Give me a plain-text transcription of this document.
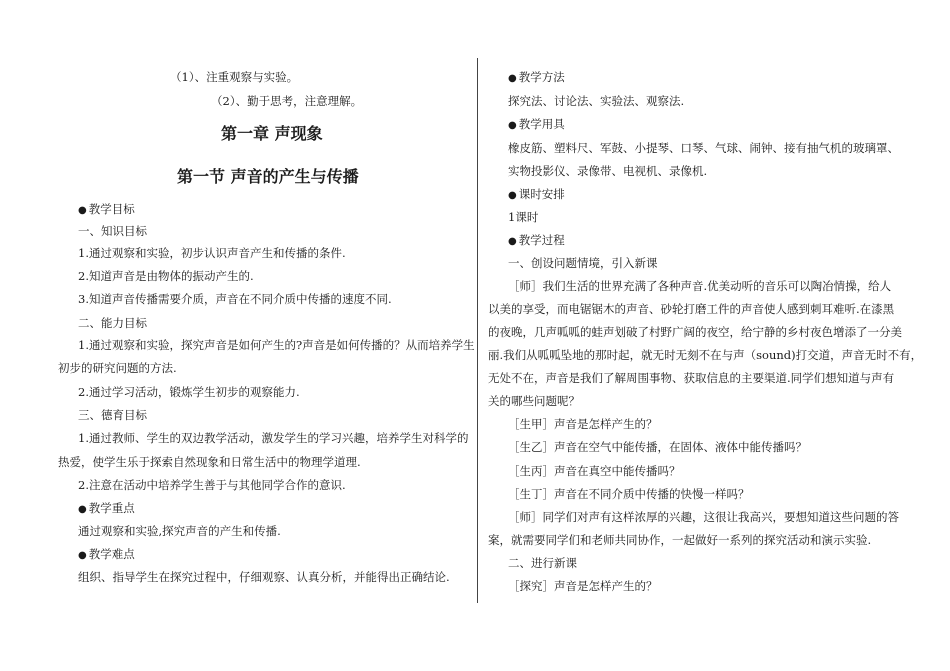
（1）、注重观察与实验。
（2）、勤于思考，注意理解。
第一章 声现象
第一节 声音的产生与传播
● 教学目标
一、知识目标
1.通过观察和实验，初步认识声音产生和传播的条件.
2.知道声音是由物体的振动产生的.
3.知道声音传播需要介质，声音在不同介质中传播的速度不同.
二、能力目标
1.通过观察和实验，探究声音是如何产生的?声音是如何传播的？从而培养学生
初步的研究问题的方法.
2.通过学习活动，锻炼学生初步的观察能力.
三、德育目标
1.通过教师、学生的双边教学活动，激发学生的学习兴趣，培养学生对科学的
热爱，使学生乐于探索自然现象和日常生活中的物理学道理.
2.注意在活动中培养学生善于与其他同学合作的意识.
● 教学重点
通过观察和实验,探究声音的产生和传播.
● 教学难点
组织、指导学生在探究过程中，仔细观察、认真分析，并能得出正确结论.
● 教学方法
探究法、讨论法、实验法、观察法.
● 教学用具
橡皮筋、塑料尺、军鼓、小提琴、口琴、气球、闹钟、接有抽气机的玻璃罩、
实物投影仪、录像带、电视机、录像机.
● 课时安排
1课时
● 教学过程
一、创设问题情境，引入新课
［师］我们生活的世界充满了各种声音.优美动听的音乐可以陶冶情操，给人
以美的享受，而电锯锯木的声音、砂轮打磨工件的声音使人感到刺耳难听.在漆黑
的夜晚，几声呱呱的蛙声划破了村野广阔的夜空，给宁静的乡村夜色增添了一分美
丽.我们从呱呱坠地的那时起，就无时无刻不在与声（sound)打交道，声音无时不有，
无处不在，声音是我们了解周围事物、获取信息的主要渠道.同学们想知道与声有
关的哪些问题呢？
［生甲］声音是怎样产生的？
［生乙］声音在空气中能传播，在固体、液体中能传播吗？
［生丙］声音在真空中能传播吗？
［生丁］声音在不同介质中传播的快慢一样吗？
［师］同学们对声有这样浓厚的兴趣，这很让我高兴，要想知道这些问题的答
案，就需要同学们和老师共同协作，一起做好一系列的探究活动和演示实验.
二、进行新课
［探究］声音是怎样产生的？
